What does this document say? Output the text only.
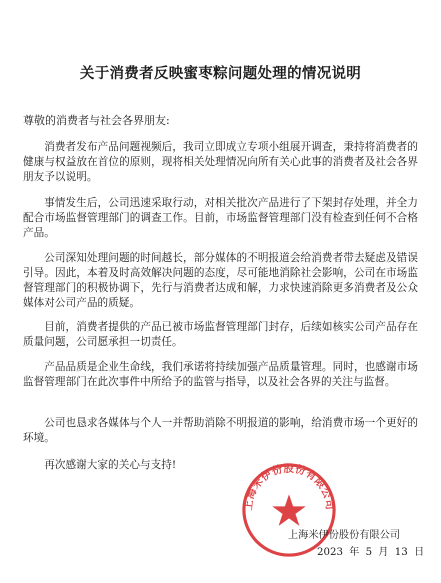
关于消费者反映蜜枣粽问题处理的情况说明

尊敬的消费者与社会各界朋友:

消费者发布产品问题视频后，我司立即成立专项小组展开调查，秉持将消费者的健康与权益放在首位的原则，现将相关处理情况向所有关心此事的消费者及社会各界朋友予以说明。

事情发生后，公司迅速采取行动，对相关批次产品进行了下架封存处理，并全力配合市场监督管理部门的调查工作。目前，市场监督管理部门没有检查到任何不合格产品。

公司深知处理问题的时间越长，部分媒体的不明报道会给消费者带去疑虑及错误引导。因此，本着及时高效解决问题的态度，尽可能地消除社会影响，公司在市场监督管理部门的积极协调下，先行与消费者达成和解，力求快速消除更多消费者及公众媒体对公司产品的质疑。

目前，消费者提供的产品已被市场监督管理部门封存，后续如核实公司产品存在质量问题，公司愿承担一切责任。

产品品质是企业生命线，我们承诺将持续加强产品质量管理。同时，也感谢市场监督管理部门在此次事件中所给予的监管与指导，以及社会各界的关注与监督。

公司也恳求各媒体与个人一并帮助消除不明报道的影响，给消费市场一个更好的环境。

再次感谢大家的关心与支持!

上海米伊份股份有限公司
上海米伊份股份有限公司
2023 年 5 月 13 日
